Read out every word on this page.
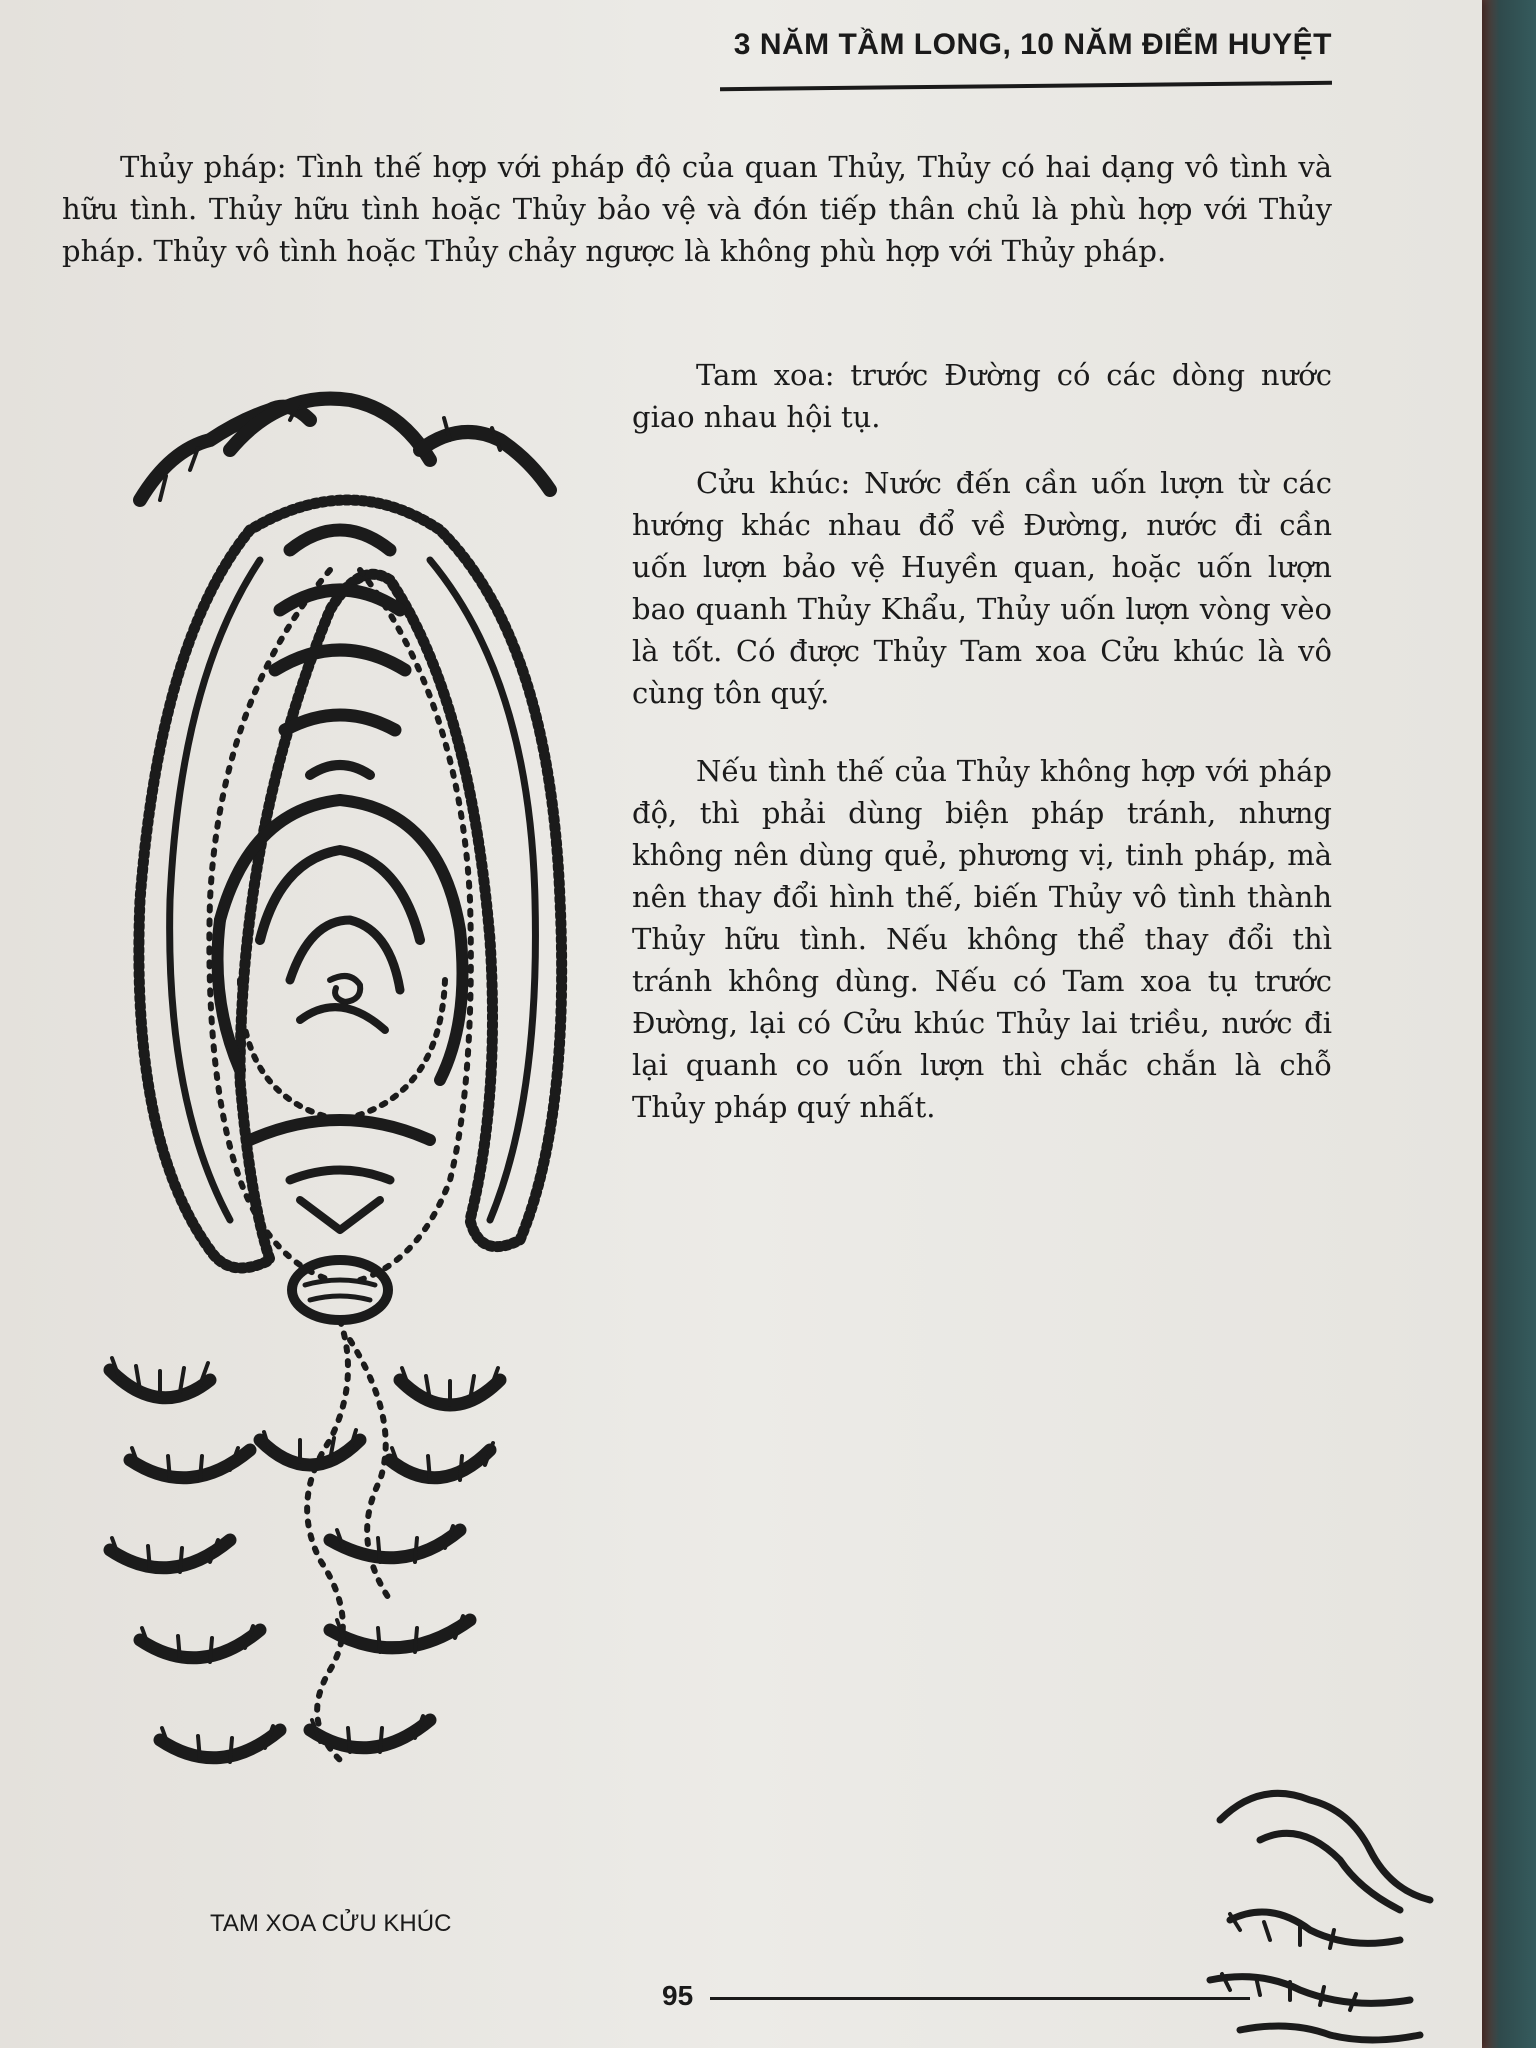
3 NĂM TẦM LONG, 10 NĂM ĐIỂM HUYỆT

Thủy pháp: Tình thế hợp với pháp độ của quan Thủy, Thủy có hai dạng vô tình và hữu tình. Thủy hữu tình hoặc Thủy bảo vệ và đón tiếp thân chủ là phù hợp với Thủy pháp. Thủy vô tình hoặc Thủy chảy ngược là không phù hợp với Thủy pháp.

Tam xoa: trước Đường có các dòng nước giao nhau hội tụ.

Cửu khúc: Nước đến cần uốn lượn từ các hướng khác nhau đổ về Đường, nước đi cần uốn lượn bảo vệ Huyền quan, hoặc uốn lượn bao quanh Thủy Khẩu, Thủy uốn lượn vòng vèo là tốt. Có được Thủy Tam xoa Cửu khúc là vô cùng tôn quý.

Nếu tình thế của Thủy không hợp với pháp độ, thì phải dùng biện pháp tránh, nhưng không nên dùng quẻ, phương vị, tinh pháp, mà nên thay đổi hình thế, biến Thủy vô tình thành Thủy hữu tình. Nếu không thể thay đổi thì tránh không dùng. Nếu có Tam xoa tụ trước Đường, lại có Cửu khúc Thủy lai triều, nước đi lại quanh co uốn lượn thì chắc chắn là chỗ Thủy pháp quý nhất.

TAM XOA CỬU KHÚC
95
